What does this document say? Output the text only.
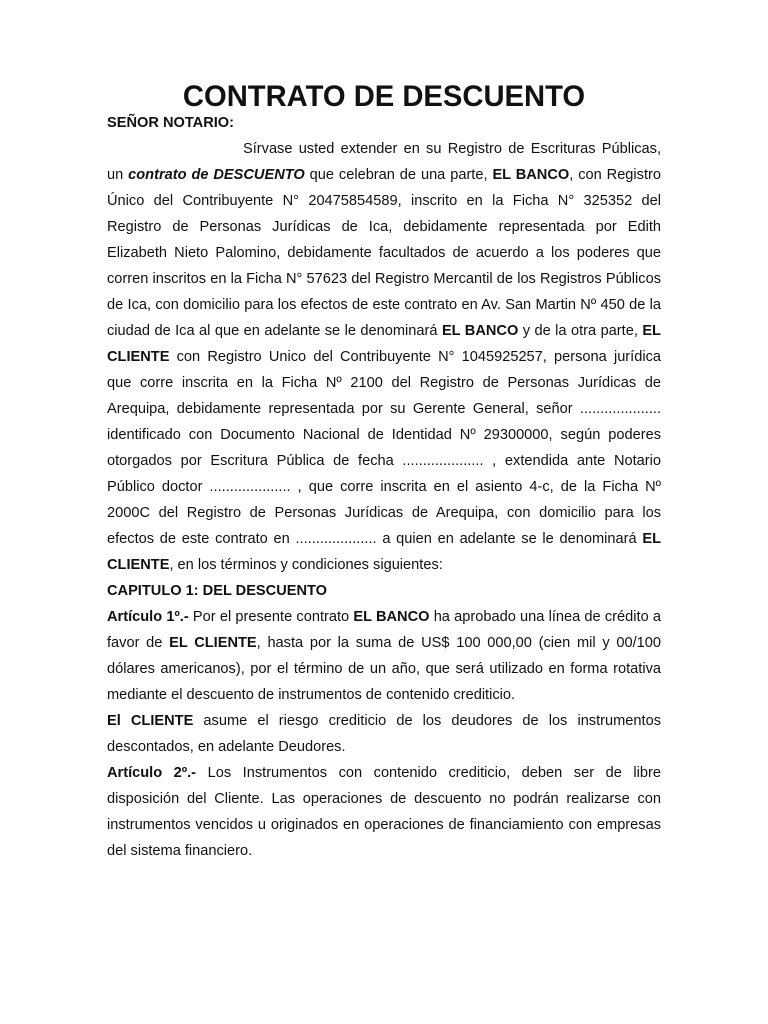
CONTRATO DE DESCUENTO
SEÑOR NOTARIO:

Sírvase usted extender en su Registro de Escrituras Públicas, un contrato de DESCUENTO que celebran de una parte, EL BANCO, con Registro Único del Contribuyente N° 20475854589, inscrito en la Ficha N° 325352 del Registro de Personas Jurídicas de Ica, debidamente representada por Edith Elizabeth Nieto Palomino, debidamente facultados de acuerdo a los poderes que corren inscritos en la Ficha N° 57623 del Registro Mercantil de los Registros Públicos de Ica, con domicilio para los efectos de este contrato en Av. San Martin Nº 450 de la ciudad de Ica al que en adelante se le denominará EL BANCO y de la otra parte, EL CLIENTE con Registro Unico del Contribuyente N° 1045925257, persona jurídica que corre inscrita en la Ficha Nº 2100 del Registro de Personas Jurídicas de Arequipa, debidamente representada por su Gerente General, señor .................... identificado con Documento Nacional de Identidad Nº 29300000, según poderes otorgados por Escritura Pública de fecha .................... , extendida ante Notario Público doctor .................... , que corre inscrita en el asiento 4-c, de la Ficha Nº 2000C del Registro de Personas Jurídicas de Arequipa, con domicilio para los efectos de este contrato en .................... a quien en adelante se le denominará EL CLIENTE, en los términos y condiciones siguientes:

CAPITULO 1: DEL DESCUENTO

Artículo 1º.- Por el presente contrato EL BANCO ha aprobado una línea de crédito a favor de EL CLIENTE, hasta por la suma de US$ 100 000,00 (cien mil y 00/100 dólares americanos), por el término de un año, que será utilizado en forma rotativa mediante el descuento de instrumentos de contenido crediticio.

El CLIENTE asume el riesgo crediticio de los deudores de los instrumentos descontados, en adelante Deudores.

Artículo 2º.- Los Instrumentos con contenido crediticio, deben ser de libre disposición del Cliente. Las operaciones de descuento no podrán realizarse con instrumentos vencidos u originados en operaciones de financiamiento con empresas del sistema financiero.
